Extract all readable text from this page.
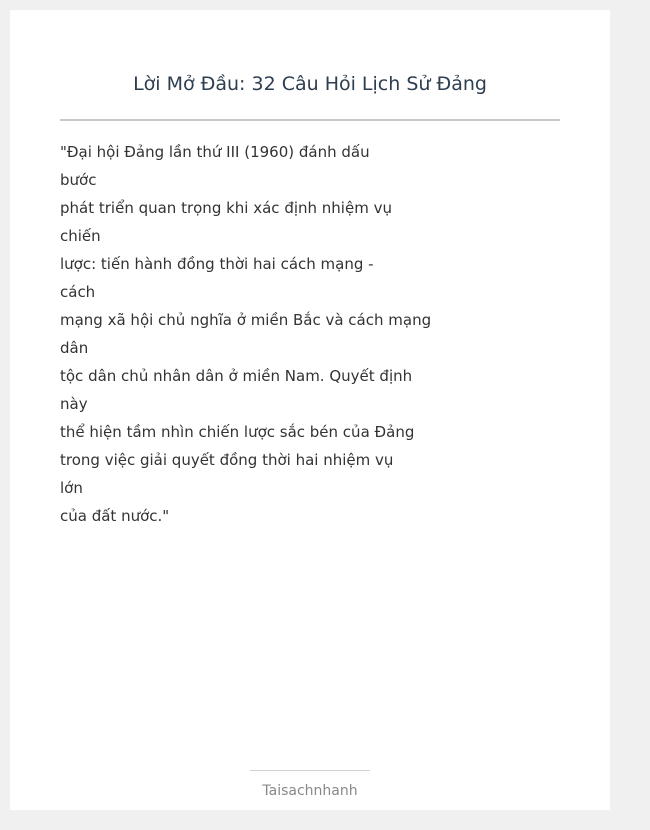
Lời Mở Đầu: 32 Câu Hỏi Lịch Sử Đảng
"Đại hội Đảng lần thứ III (1960) đánh dấu
bước
phát triển quan trọng khi xác định nhiệm vụ
chiến
lược: tiến hành đồng thời hai cách mạng -
cách
mạng xã hội chủ nghĩa ở miền Bắc và cách mạng
dân
tộc dân chủ nhân dân ở miền Nam. Quyết định
này
thể hiện tầm nhìn chiến lược sắc bén của Đảng
trong việc giải quyết đồng thời hai nhiệm vụ
lớn
của đất nước."
Taisachnhanh
